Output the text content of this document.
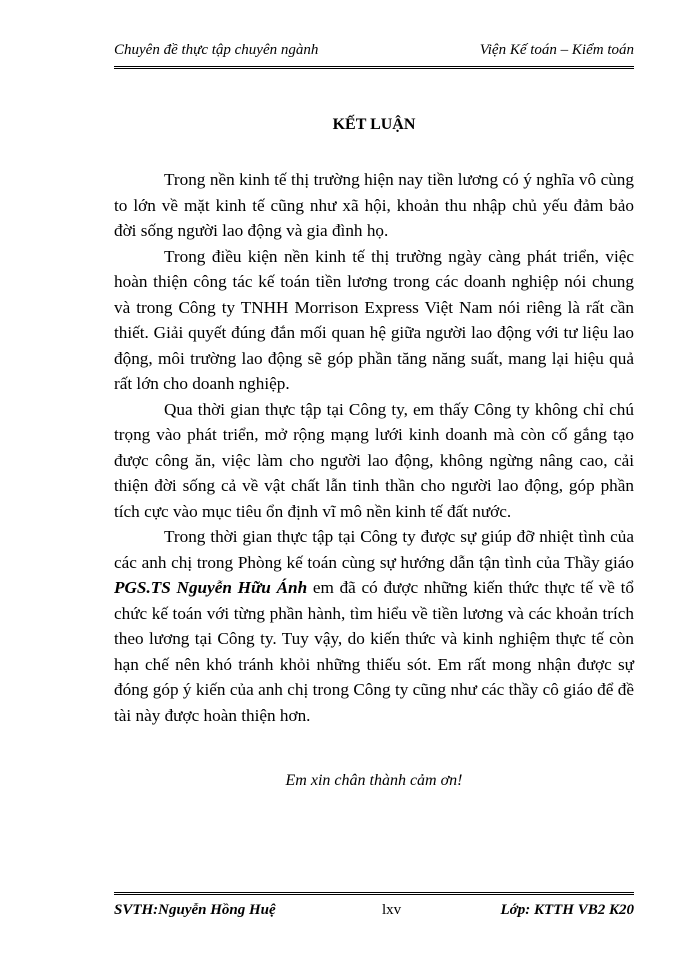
Chuyên đề thực tập chuyên ngành	Viện Kế toán – Kiểm toán
KẾT LUẬN

Trong nền kinh tế thị trường hiện nay tiền lương có ý nghĩa vô cùng to lớn về mặt kinh tế cũng như xã hội, khoản thu nhập chủ yếu đảm bảo đời sống người lao động và gia đình họ.

Trong điều kiện nền kinh tế thị trường ngày càng phát triển, việc hoàn thiện công tác kế toán tiền lương trong các doanh nghiệp nói chung và trong Công ty TNHH Morrison Express Việt Nam nói riêng là rất cần thiết. Giải quyết đúng đắn mối quan hệ giữa người lao động với tư liệu lao động, môi trường lao động sẽ góp phần tăng năng suất, mang lại hiệu quả rất lớn cho doanh nghiệp.

Qua thời gian thực tập tại Công ty, em thấy Công ty không chỉ chú trọng vào phát triển, mở rộng mạng lưới kinh doanh mà còn cố gắng tạo được công ăn, việc làm cho người lao động, không ngừng nâng cao, cải thiện đời sống cả về vật chất lẫn tinh thần cho người lao động, góp phần tích cực vào mục tiêu ổn định vĩ mô nền kinh tế đất nước.

Trong thời gian thực tập tại Công ty được sự giúp đỡ nhiệt tình của các anh chị trong Phòng kế toán cùng sự hướng dẫn tận tình của Thầy giáo PGS.TS Nguyễn Hữu Ánh em đã có được những kiến thức thực tế về tổ chức kế toán với từng phần hành, tìm hiểu về tiền lương và các khoản trích theo lương tại Công ty. Tuy vậy, do kiến thức và kinh nghiệm thực tế còn hạn chế nên khó tránh khỏi những thiếu sót. Em rất mong nhận được sự đóng góp ý kiến của anh chị trong Công ty cũng như các thầy cô giáo để đề tài này được hoàn thiện hơn.

Em xin chân thành cảm ơn!
SVTH:Nguyễn Hồng Huệ	lxv	Lớp: KTTH VB2 K20
